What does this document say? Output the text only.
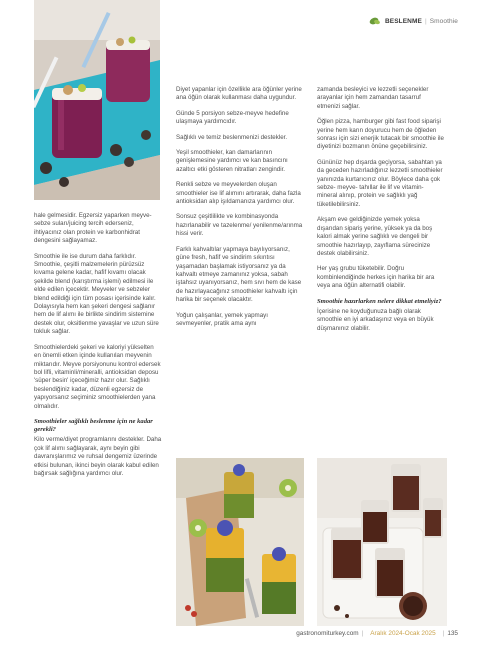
BESLENME | Smoothie

hale gelmesidir. Egzersiz yaparken meyve-sebze suları/juicing tercih ederseniz, ihtiyacınız olan protein ve karbonhidrat dengesini sağlayamaz.

Smoothie ile ise durum daha farklıdır. Smoothie, çeşitli malzemelerin pürüzsüz kıvama gelene kadar, hafif kıvamı olacak şekilde blend (karıştırma işlemi) edilmesi ile elde edilen içecektir. Meyveler ve sebzeler blend edildiği için tüm posası içerisinde kalır. Dolayısıyla hem kan şekeri dengesi sağlanır hem de lif alımı ile birlikte sindirim sistemine destek olur, oksitlenme yavaşlar ve uzun süre tokluk sağlar.

Smoothielerdeki şekeri ve kaloriyi yükselten en önemli etken içinde kullanılan meyvenin miktarıdır. Meyve porsiyonunu kontrol edersek bol lifli, vitaminli/mineralli, antioksidan deposu 'süper besin' içeceğimiz hazır olur. Sağlıklı beslendiğiniz kadar, düzenli egzersiz de yapıyorsanız seçiminiz smoothielerden yana olmalıdır.

Smoothieler sağlıklı beslenme için ne kadar gerekli?

Kilo verme/diyet programlarını destekler. Daha çok lif alımı sağlayarak, aynı beyin gibi davranışlarımız ve ruhsal dengemiz üzerinde etkisi bulunan, ikinci beyin olarak kabul edilen bağırsak sağlığına yardımcı olur.

Diyet yapanlar için özellikle ara öğünler yerine ana öğün olarak kullanması daha uygundur.

Günde 5 porsiyon sebze-meyve hedefine ulaşmaya yardımcıdır.

Sağlıklı ve temiz beslenmenizi destekler.

Yeşil smoothieler, kan damarlarının genişlemesine yardımcı ve kan basıncını azaltıcı etki gösteren nitratları zengindir.

Renkli sebze ve meyvelerden oluşan smoothieler ise lif alımını artırarak, daha fazla antioksidan alıp işıldamanıza yardımcı olur.

Sonsuz çeşitlilikte ve kombinasyonda hazırlanabilir ve tazelenme/ yenilenme/arınma hissi verir.

Farklı kahvaltılar yapmaya bayılıyorsanız, güne fresh, hafif ve sindirim sıkıntısı yaşamadan başlamak istiyorsanız ya da kahvaltı etmeye zamanınız yoksa, sabah iştahsız uyanıyorsanız, hem sıvı hem de kase de hazırlayacağınız smoothieler kahvaltı için harika bir seçenek olacaktır.

Yoğun çalışanlar, yemek yapmayı sevmeyenler, pratik ama aynı

zamanda besleyici ve lezzetli seçenekler arayanlar için hem zamandan tasarruf etmenizi sağlar.

Öğlen pizza, hamburger gibi fast food siparişi yerine hem karın doyurucu hem de öğleden sonrası için sizi enerjik tutacak bir smoothie ile diyetinizi bozmanın önüne geçebilirsiniz.

Gününüz hep dışarda geçiyorsa, sabahtan ya da geceden hazırladığınız lezzetli smoothieler yanınızda kurtarıcınız olur. Böylece daha çok sebze- meyve- tahıllar ile lif ve vitamin- mineral alınıp, protein ve sağlıklı yağ tüketilebilirsiniz.

Akşam eve geldiğinizde yemek yoksa dışarıdan sipariş yerine, yüksek ya da boş kalori almak yerine sağlıklı ve dengeli bir smoothie hazırlayıp, zayıflama sürecinize destek olabilirsiniz.

Her yaş grubu tüketebilir. Doğru kombinlendiğinde herkes için harika bir ara veya ana öğün alternatifi olabilir.

Smoothie hazırlarken nelere dikkat etmeliyiz?

İçerisine ne koyduğunuza bağlı olarak smoothie en iyi arkadaşınız veya en büyük düşmanınız olabilir.

gastronomiturkey.com | Aralık 2024-Ocak 2025 | 135
